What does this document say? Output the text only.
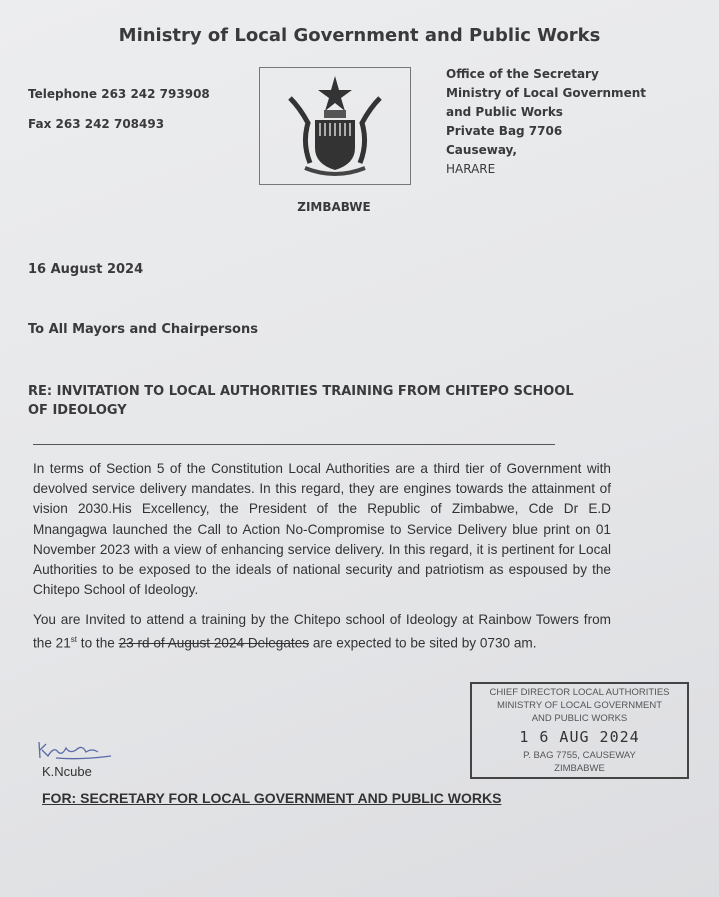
Ministry of Local Government and Public Works
Telephone 263 242 793908
Fax 263 242 708493
Office of the Secretary
Ministry of Local Government
and Public Works
Private Bag 7706
Causeway,
HARARE
ZIMBABWE
16 August 2024
To All Mayors and Chairpersons
RE: INVITATION TO LOCAL AUTHORITIES TRAINING FROM CHITEPO SCHOOL
OF IDEOLOGY
In terms of Section 5 of the Constitution Local Authorities are a third tier of Government with devolved service delivery mandates. In this regard, they are engines towards the attainment of vision 2030.His Excellency, the President of the Republic of Zimbabwe, Cde Dr E.D Mnangagwa launched the Call to Action No-Compromise to Service Delivery blue print on 01 November 2023 with a view of enhancing service delivery. In this regard, it is pertinent for Local Authorities to be exposed to the ideals of national security and patriotism as espoused by the Chitepo School of Ideology.
You are Invited to attend a training by the Chitepo school of Ideology at Rainbow Towers from the 21st to the 23 rd of August 2024 Delegates are expected to be sited by 0730 am.
CHIEF DIRECTOR LOCAL AUTHORITIES
MINISTRY OF LOCAL GOVERNMENT
AND PUBLIC WORKS
1 6 AUG 2024
P. BAG 7755, CAUSEWAY
ZIMBABWE
K.Ncube
FOR: SECRETARY FOR LOCAL GOVERNMENT AND PUBLIC WORKS
